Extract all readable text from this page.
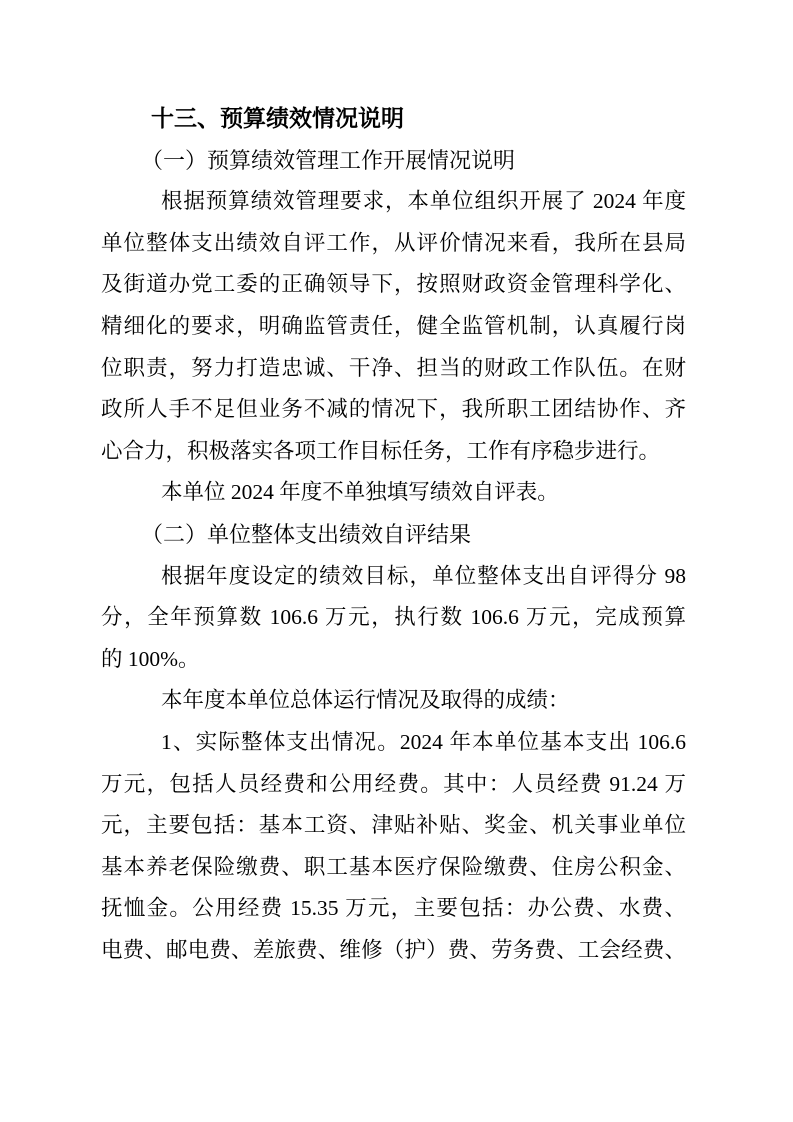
十三、预算绩效情况说明
（一）预算绩效管理工作开展情况说明
根据预算绩效管理要求，本单位组织开展了 2024 年度
单位整体支出绩效自评工作，从评价情况来看，我所在县局
及街道办党工委的正确领导下，按照财政资金管理科学化、
精细化的要求，明确监管责任，健全监管机制，认真履行岗
位职责，努力打造忠诚、干净、担当的财政工作队伍。在财
政所人手不足但业务不减的情况下，我所职工团结协作、齐
心合力，积极落实各项工作目标任务，工作有序稳步进行。
本单位 2024 年度不单独填写绩效自评表。
（二）单位整体支出绩效自评结果
根据年度设定的绩效目标，单位整体支出自评得分 98
分，全年预算数 106.6 万元，执行数 106.6 万元，完成预算
的 100%。
本年度本单位总体运行情况及取得的成绩：
1、实际整体支出情况。2024 年本单位基本支出 106.6
万元，包括人员经费和公用经费。其中：人员经费 91.24 万
元，主要包括：基本工资、津贴补贴、奖金、机关事业单位
基本养老保险缴费、职工基本医疗保险缴费、住房公积金、
抚恤金。公用经费 15.35 万元，主要包括：办公费、水费、
电费、邮电费、差旅费、维修（护）费、劳务费、工会经费、
